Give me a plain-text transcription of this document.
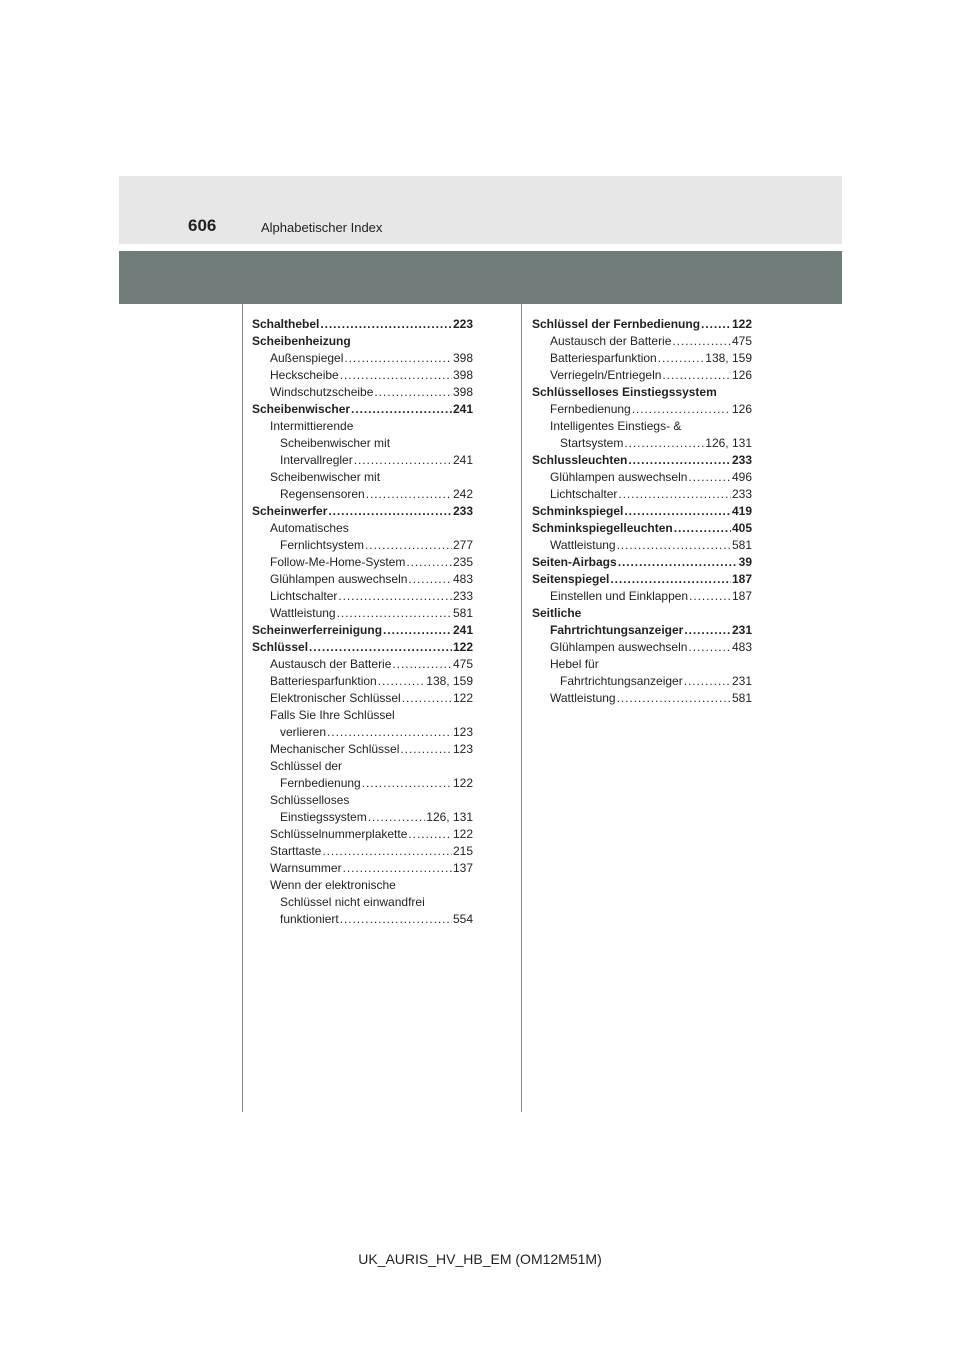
606	Alphabetischer Index
Schalthebel . . .	223
Scheibenheizung
Außenspiegel . . .	398
Heckscheibe . . .	398
Windschutzscheibe . . .	398
Scheibenwischer . . .	241
Intermittierende
Scheibenwischer mit
Intervallregler . . .	241
Scheibenwischer mit
Regensensoren . . .	242
Scheinwerfer . . .	233
Automatisches
Fernlichtsystem . . .	277
Follow-Me-Home-System . . .	235
Glühlampen auswechseln . . .	483
Lichtschalter . . .	233
Wattleistung . . .	581
Scheinwerferreinigung . . .	241
Schlüssel . . .	122
Austausch der Batterie . . .	475
Batteriesparfunktion . . .	138, 159
Elektronischer Schlüssel . . .	122
Falls Sie Ihre Schlüssel
verlieren . . .	123
Mechanischer Schlüssel . . .	123
Schlüssel der
Fernbedienung . . .	122
Schlüsselloses
Einstiegssystem . . .	126, 131
Schlüsselnummerplakette . . .	122
Starttaste . . .	215
Warnsummer . . .	137
Wenn der elektronische
Schlüssel nicht einwandfrei
funktioniert . . .	554
Schlüssel der Fernbedienung . . .	122
Austausch der Batterie . . .	475
Batteriesparfunktion . . .	138, 159
Verriegeln/Entriegeln . . .	126
Schlüsselloses Einstiegssystem
Fernbedienung . . .	126
Intelligentes Einstiegs- &
Startsystem . . .	126, 131
Schlussleuchten . . .	233
Glühlampen auswechseln . . .	496
Lichtschalter . . .	233
Schminkspiegel . . .	419
Schminkspiegelleuchten . . .	405
Wattleistung . . .	581
Seiten-Airbags . . .	39
Seitenspiegel . . .	187
Einstellen und Einklappen . . .	187
Seitliche
Fahrtrichtungsanzeiger . . .	231
Glühlampen auswechseln . . .	483
Hebel für
Fahrtrichtungsanzeiger . . .	231
Wattleistung . . .	581
UK_AURIS_HV_HB_EM (OM12M51M)
